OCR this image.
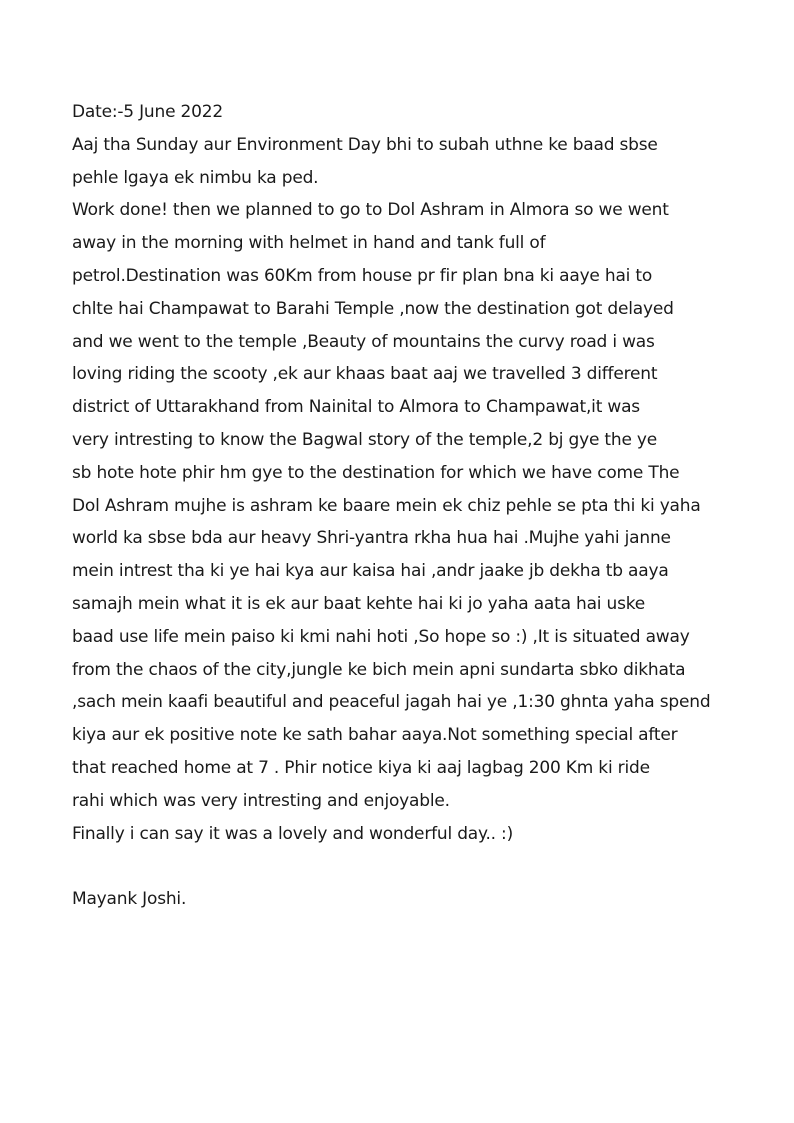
Date:-5 June 2022
Aaj tha Sunday aur Environment Day bhi to subah uthne ke baad sbse
pehle lgaya ek nimbu ka ped.
Work done! then we planned to go to Dol Ashram in Almora so we went
away in the morning with helmet in hand and tank full of
petrol.Destination was 60Km from house pr fir plan bna ki aaye hai to
chlte hai Champawat to Barahi Temple ,now the destination got delayed
and we went to the temple ,Beauty of mountains the curvy road i was
loving riding the scooty ,ek aur khaas baat aaj we travelled 3 different
district of Uttarakhand from Nainital to Almora to Champawat,it was
very intresting to know the Bagwal story of the temple,2 bj gye the ye
sb hote hote phir hm gye to the destination for which we have come The
Dol Ashram mujhe is ashram ke baare mein ek chiz pehle se pta thi ki yaha
world ka sbse bda aur heavy Shri-yantra rkha hua hai .Mujhe yahi janne
mein intrest tha ki ye hai kya aur kaisa hai ,andr jaake jb dekha tb aaya
samajh mein what it is ek aur baat kehte hai ki jo yaha aata hai uske
baad use life mein paiso ki kmi nahi hoti ,So hope so :) ,It is situated away
from the chaos of the city,jungle ke bich mein apni sundarta sbko dikhata
,sach mein kaafi beautiful and peaceful jagah hai ye ,1:30 ghnta yaha spend
kiya aur ek positive note ke sath bahar aaya.Not something special after
that reached home at 7 . Phir notice kiya ki aaj lagbag 200 Km ki ride
rahi which was very intresting and enjoyable.
Finally i can say it was a lovely and wonderful day.. :)
Mayank Joshi.
